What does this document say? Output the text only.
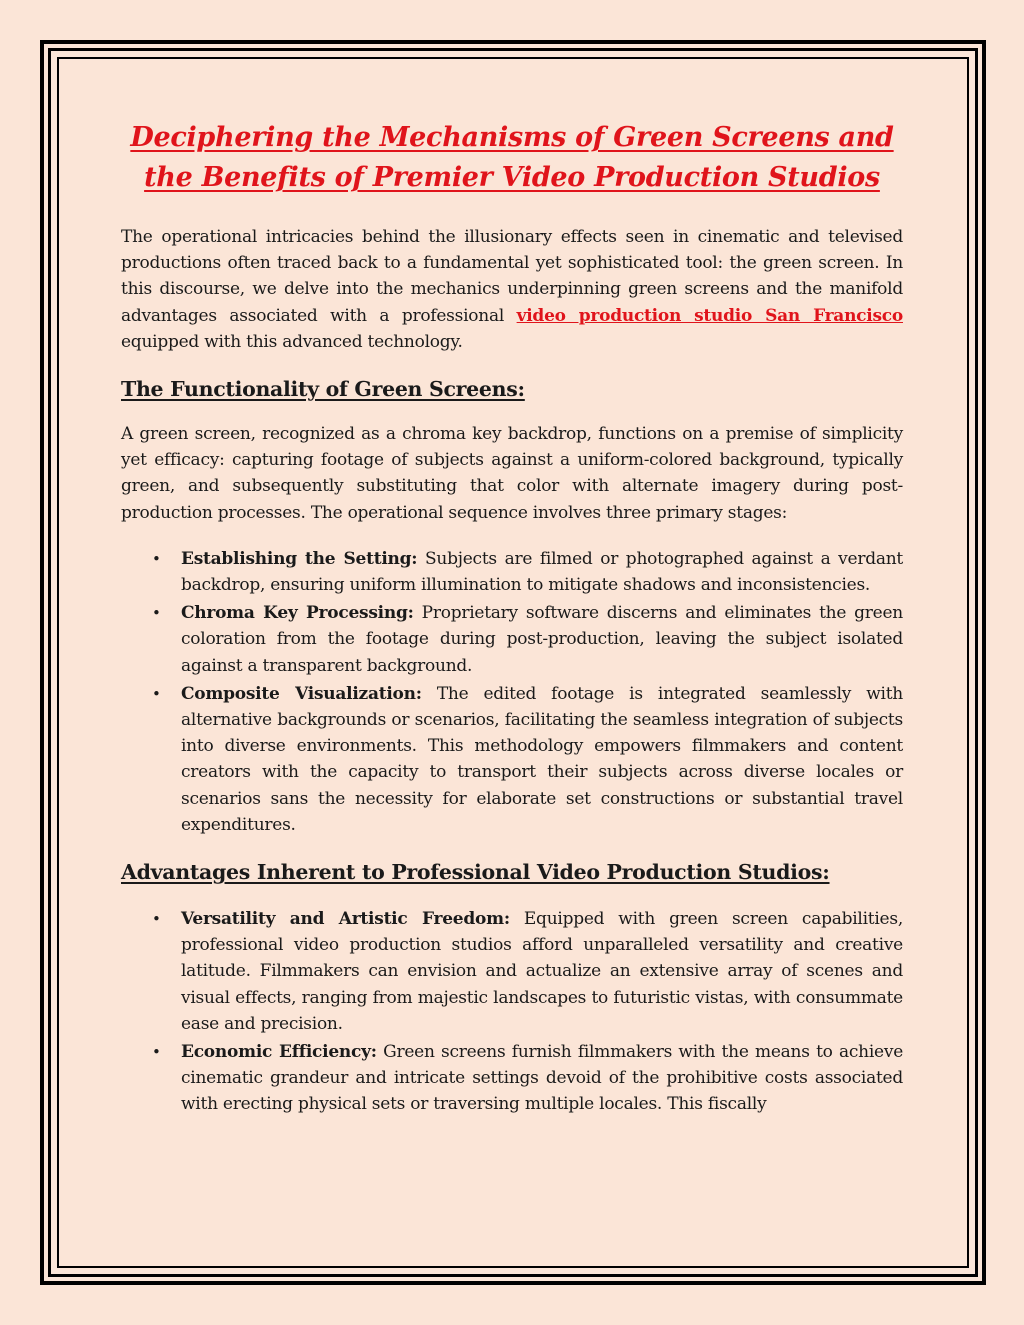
Deciphering the Mechanisms of Green Screens and the Benefits of Premier Video Production Studios

The operational intricacies behind the illusionary effects seen in cinematic and televised productions often traced back to a fundamental yet sophisticated tool: the green screen. In this discourse, we delve into the mechanics underpinning green screens and the manifold advantages associated with a professional video production studio San Francisco equipped with this advanced technology.

The Functionality of Green Screens:

A green screen, recognized as a chroma key backdrop, functions on a premise of simplicity yet efficacy: capturing footage of subjects against a uniform-colored background, typically green, and subsequently substituting that color with alternate imagery during post-production processes. The operational sequence involves three primary stages:

• Establishing the Setting: Subjects are filmed or photographed against a verdant backdrop, ensuring uniform illumination to mitigate shadows and inconsistencies.
• Chroma Key Processing: Proprietary software discerns and eliminates the green coloration from the footage during post-production, leaving the subject isolated against a transparent background.
• Composite Visualization: The edited footage is integrated seamlessly with alternative backgrounds or scenarios, facilitating the seamless integration of subjects into diverse environments. This methodology empowers filmmakers and content creators with the capacity to transport their subjects across diverse locales or scenarios sans the necessity for elaborate set constructions or substantial travel expenditures.
Advantages Inherent to Professional Video Production Studios:
• Versatility and Artistic Freedom: Equipped with green screen capabilities, professional video production studios afford unparalleled versatility and creative latitude. Filmmakers can envision and actualize an extensive array of scenes and visual effects, ranging from majestic landscapes to futuristic vistas, with consummate ease and precision.
• Economic Efficiency: Green screens furnish filmmakers with the means to achieve cinematic grandeur and intricate settings devoid of the prohibitive costs associated with erecting physical sets or traversing multiple locales. This fiscally
